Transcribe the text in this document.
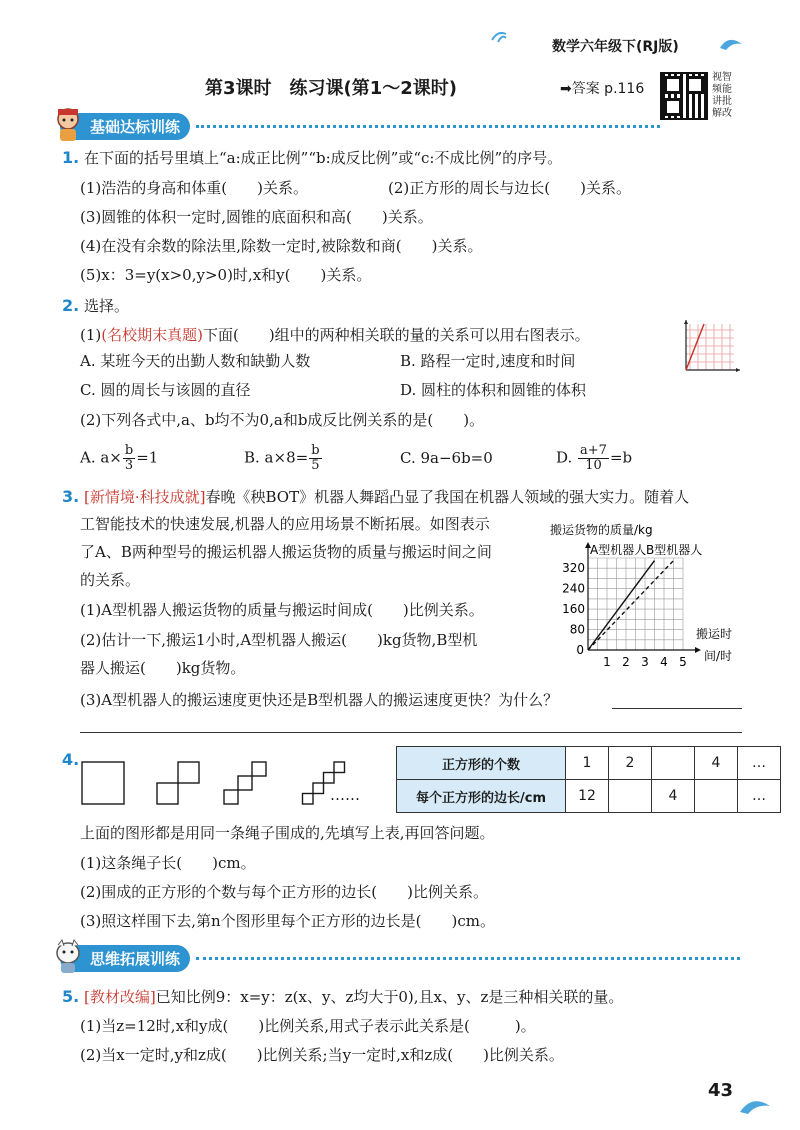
数学六年级下(RJ版)
第3课时　练习课(第1～2课时)	➡答案 p.116
视智
频能
讲批
解改
基础达标训练
1. 在下面的括号里填上“a:成正比例”“b:成反比例”或“c:不成比例”的序号。
(1)浩浩的身高和体重(　　)关系。	(2)正方形的周长与边长(　　)关系。
(3)圆锥的体积一定时,圆锥的底面积和高(　　)关系。
(4)在没有余数的除法里,除数一定时,被除数和商(　　)关系。
(5)x：3=y(x>0,y>0)时,x和y(　　)关系。
2. 选择。
(1)(名校期末真题)下面(　　)组中的两种相关联的量的关系可以用右图表示。
A. 某班今天的出勤人数和缺勤人数	B. 路程一定时,速度和时间
C. 圆的周长与该圆的直径	D. 圆柱的体积和圆锥的体积
(2)下列各式中,a、b均不为0,a和b成反比例关系的是(　　)。
A. $a\times \frac{b}{3} =1$	B. $a\times 8= \frac{b}{5}$	C. 9a−6b=0	D. $\frac{a+7}{10} =b$
3. [新情境·科技成就]春晚《秧BOT》机器人舞蹈凸显了我国在机器人领域的强大实力。随着人
工智能技术的快速发展,机器人的应用场景不断拓展。如图表示
了A、B两种型号的搬运机器人搬运货物的质量与搬运时间之间
的关系。
(1)A型机器人搬运货物的质量与搬运时间成(　　)比例关系。
(2)估计一下,搬运1小时,A型机器人搬运(　　)kg货物,B型机
器人搬运(　　)kg货物。
(3)A型机器人的搬运速度更快还是B型机器人的搬运速度更快？为什么？
搬运货物的质量/kg
搬运时
间/时
A型机器人 B型机器人
1 2 3 4 5
80
160
240
320
0
4.
……
正方形的个数	1	2		4	…
每个正方形的边长/cm	12		4		…
上面的图形都是用同一条绳子围成的,先填写上表,再回答问题。
(1)这条绳子长(　　)cm。
(2)围成的正方形的个数与每个正方形的边长(　　)比例关系。
(3)照这样围下去,第n个图形里每个正方形的边长是(　　)cm。
思维拓展训练
5. [教材改编]已知比例9：x=y：z(x、y、z均大于0),且x、y、z是三种相关联的量。
(1)当z=12时,x和y成(　　)比例关系,用式子表示此关系是(　　　)。
(2)当x一定时,y和z成(　　)比例关系;当y一定时,x和z成(　　)比例关系。
43
